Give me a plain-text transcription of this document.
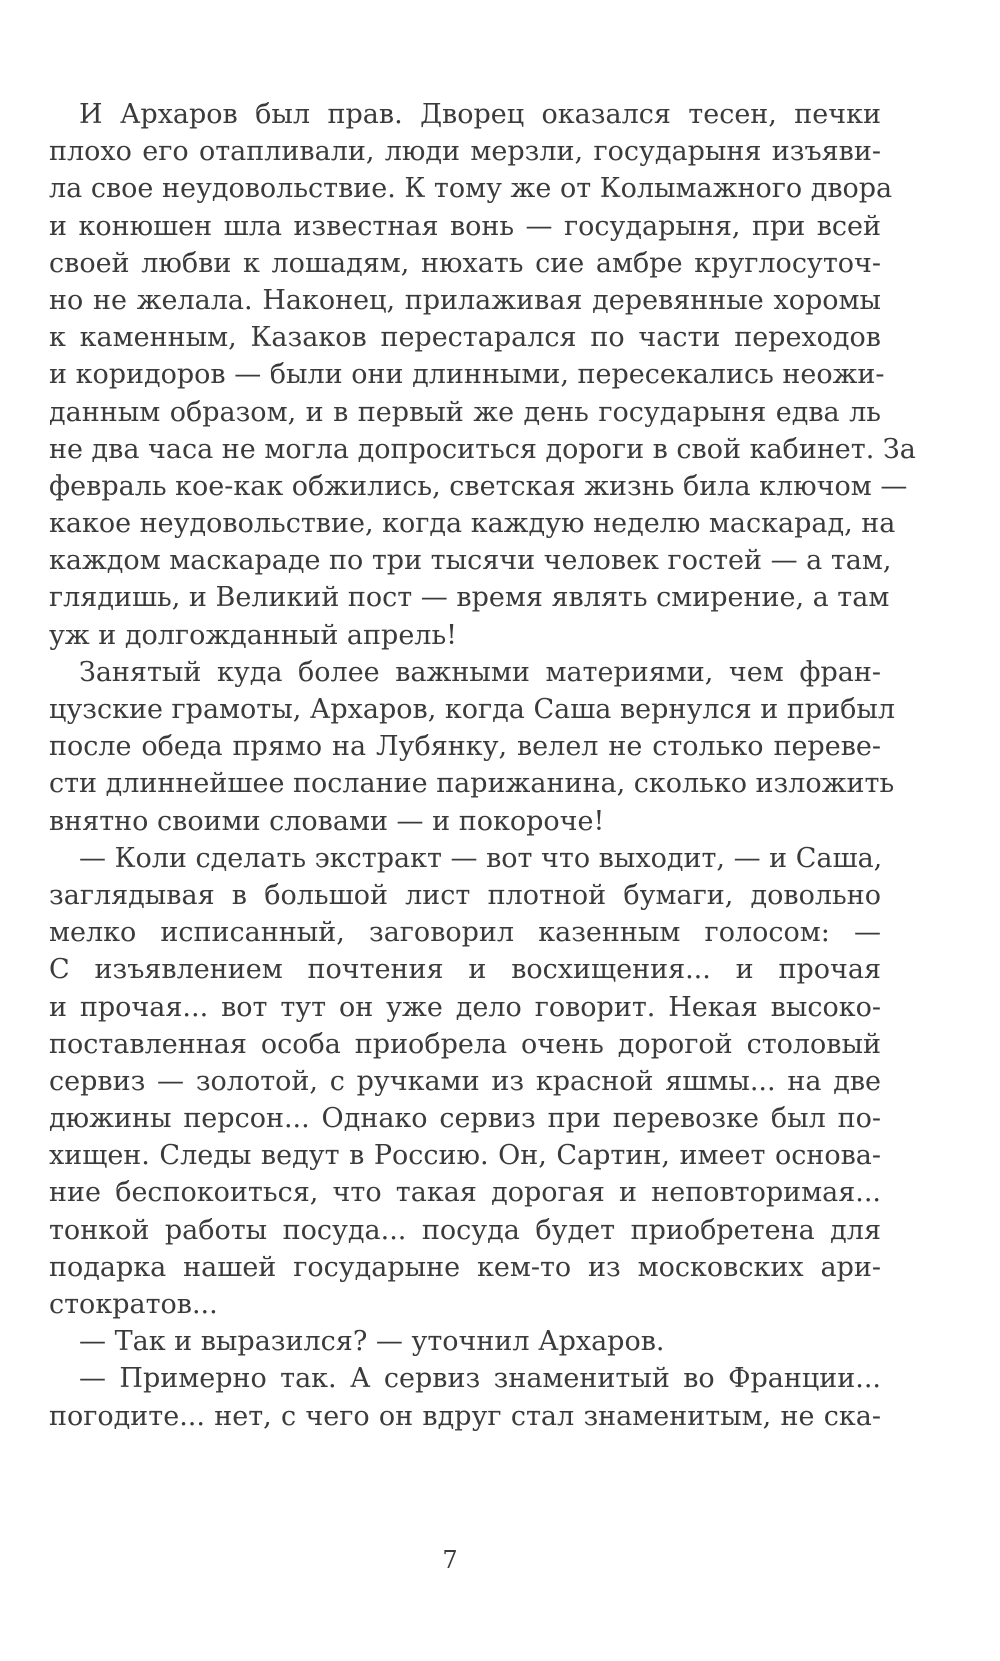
И Архаров был прав. Дворец оказался тесен, печки
плохо его отапливали, люди мерзли, государыня изъяви-
ла свое неудовольствие. К тому же от Колымажного двора
и конюшен шла известная вонь — государыня, при всей
своей любви к лошадям, нюхать сие амбре круглосуточ-
но не желала. Наконец, прилаживая деревянные хоромы
к каменным, Казаков перестарался по части переходов
и коридоров — были они длинными, пересекались неожи-
данным образом, и в первый же день государыня едва ль
не два часа не могла допроситься дороги в свой кабинет. За
февраль кое-как обжились, светская жизнь била ключом —
какое неудовольствие, когда каждую неделю маскарад, на
каждом маскараде по три тысячи человек гостей — а там,
глядишь, и Великий пост — время являть смирение, а там
уж и долгожданный апрель!
Занятый куда более важными материями, чем фран-
цузские грамоты, Архаров, когда Саша вернулся и прибыл
после обеда прямо на Лубянку, велел не столько переве-
сти длиннейшее послание парижанина, сколько изложить
внятно своими словами — и покороче!
— Коли сделать экстракт — вот что выходит, — и Саша,
заглядывая в большой лист плотной бумаги, довольно
мелко исписанный, заговорил казенным голосом: —
С изъявлением почтения и восхищения... и прочая
и прочая... вот тут он уже дело говорит. Некая высоко-
поставленная особа приобрела очень дорогой столовый
сервиз — золотой, с ручками из красной яшмы... на две
дюжины персон... Однако сервиз при перевозке был по-
хищен. Следы ведут в Россию. Он, Сартин, имеет основа-
ние беспокоиться, что такая дорогая и неповторимая...
тонкой работы посуда... посуда будет приобретена для
подарка нашей государыне кем-то из московских ари-
стократов...
— Так и выразился? — уточнил Архаров.
— Примерно так. А сервиз знаменитый во Франции...
погодите... нет, с чего он вдруг стал знаменитым, не ска-
7
